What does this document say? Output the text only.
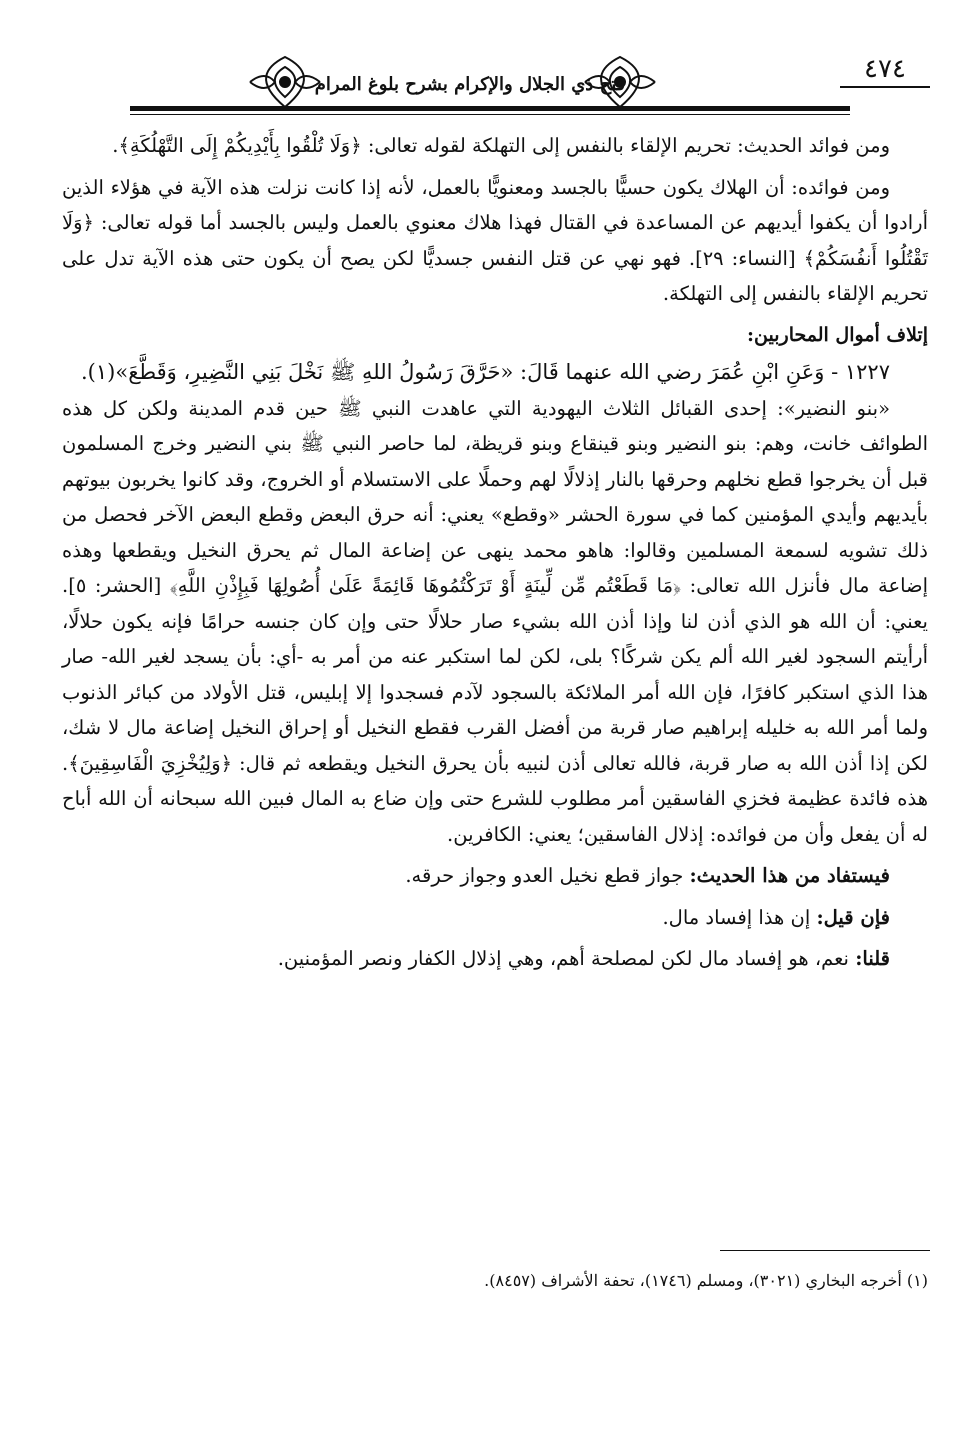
فتح ذي الجلال والإكرام بشرح بلوغ المرام
٤٧٤

ومن فوائد الحديث: تحريم الإلقاء بالنفس إلى التهلكة لقوله تعالى: ﴿وَلَا تُلْقُوا بِأَيْدِيكُمْ إِلَى التَّهْلُكَةِ﴾.

ومن فوائده: أن الهلاك يكون حسيًّا بالجسد ومعنويًّا بالعمل، لأنه إذا كانت نزلت هذه الآية في هؤلاء الذين أرادوا أن يكفوا أيديهم عن المساعدة في القتال فهذا هلاك معنوي بالعمل وليس بالجسد أما قوله تعالى: ﴿وَلَا تَقْتُلُوا أَنفُسَكُمْ﴾ [النساء: ٢٩]. فهو نهي عن قتل النفس جسديًّا لكن يصح أن يكون حتى هذه الآية تدل على تحريم الإلقاء بالنفس إلى التهلكة.

إتلاف أموال المحاربين:

١٢٢٧ - وَعَنِ ابْنِ عُمَرَ رضي الله عنهما قَالَ: «حَرَّقَ رَسُولُ اللهِ ﷺ نَخْلَ بَنِي النَّضِيرِ، وَقَطَّعَ»(١).

«بنو النضير»: إحدى القبائل الثلاث اليهودية التي عاهدت النبي ﷺ حين قدم المدينة ولكن كل هذه الطوائف خانت، وهم: بنو النضير وبنو قينقاع وبنو قريظة، لما حاصر النبي ﷺ بني النضير وخرج المسلمون قبل أن يخرجوا قطع نخلهم وحرقها بالنار إذلالًا لهم وحملًا على الاستسلام أو الخروج، وقد كانوا يخربون بيوتهم بأيديهم وأيدي المؤمنين كما في سورة الحشر «وقطع» يعني: أنه حرق البعض وقطع البعض الآخر فحصل من ذلك تشويه لسمعة المسلمين وقالوا: هاهو محمد ينهى عن إضاعة المال ثم يحرق النخيل ويقطعها وهذه إضاعة مال فأنزل الله تعالى: ﴿مَا قَطَعْتُم مِّن لِّينَةٍ أَوْ تَرَكْتُمُوهَا قَائِمَةً عَلَىٰ أُصُولِهَا فَبِإِذْنِ اللَّهِ﴾ [الحشر: ٥]. يعني: أن الله هو الذي أذن لنا وإذا أذن الله بشيء صار حلالًا حتى وإن كان جنسه حرامًا فإنه يكون حلالًا، أرأيتم السجود لغير الله ألم يكن شركًا؟ بلى، لكن لما استكبر عنه من أمر به -أي: بأن يسجد لغير الله- صار هذا الذي استكبر كافرًا، فإن الله أمر الملائكة بالسجود لآدم فسجدوا إلا إبليس، قتل الأولاد من كبائر الذنوب ولما أمر الله به خليله إبراهيم صار قربة من أفضل القرب فقطع النخيل أو إحراق النخيل إضاعة مال لا شك، لكن إذا أذن الله به صار قربة، فالله تعالى أذن لنبيه بأن يحرق النخيل ويقطعه ثم قال: ﴿وَلِيُخْزِيَ الْفَاسِقِينَ﴾. هذه فائدة عظيمة فخزي الفاسقين أمر مطلوب للشرع حتى وإن ضاع به المال فبين الله سبحانه أن الله أباح له أن يفعل وأن من فوائده: إذلال الفاسقين؛ يعني: الكافرين.

فيستفاد من هذا الحديث: جواز قطع نخيل العدو وجواز حرقه.

فإن قيل: إن هذا إفساد مال.

قلنا: نعم، هو إفساد مال لكن لمصلحة أهم، وهي إذلال الكفار ونصر المؤمنين.

(١) أخرجه البخاري (٣٠٢١)، ومسلم (١٧٤٦)، تحفة الأشراف (٨٤٥٧).
